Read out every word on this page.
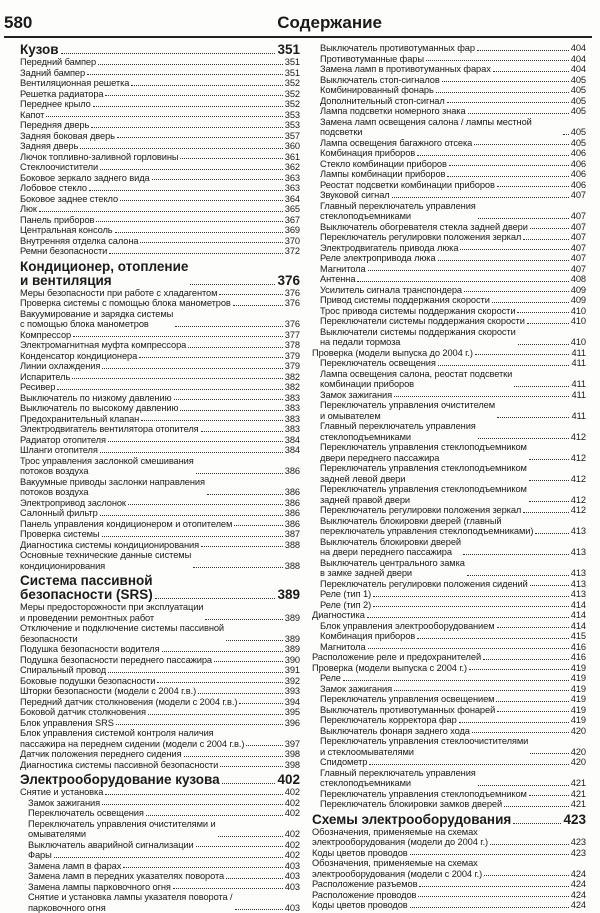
580	Содержание
Кузов	351
Передний бампер	351
Задний бампер	351
Вентиляционная решетка	352
Решетка радиатора	352
Переднее крыло	352
Капот	353
Передняя дверь	353
Задняя боковая дверь	357
Задняя дверь	360
Лючок топливно-заливной горловины	361
Стеклоочистители	362
Боковое зеркало заднего вида	363
Лобовое стекло	363
Боковое заднее стекло	364
Люк	365
Панель приборов	367
Центральная консоль	369
Внутренняя отделка салона	370
Ремни безопасности	372
Кондиционер, отопление
и вентиляция	376
Меры безопасности при работе с хладагентом	376
Проверка системы с помощью блока манометров	376
Вакуумирование и зарядка системы
с помощью блока манометров	376
Компрессор	377
Электромагнитная муфта компрессора	378
Конденсатор кондиционера	379
Линии охлаждения	379
Испаритель	382
Ресивер	382
Выключатель по низкому давлению	383
Выключатель по высокому давлению	383
Предохранительный клапан	383
Электродвигатель вентилятора отопителя	383
Радиатор отопителя	384
Шланги отопителя	384
Трос управления заслонкой смешивания
потоков воздуха	386
Вакуумные приводы заслонки направления
потоков воздуха	386
Электропривод заслонок	386
Салонный фильтр	386
Панель управления кондиционером и отопителем	386
Проверка системы	387
Диагностика системы кондиционирования	388
Основные технические данные системы
кондиционирования	388
Система пассивной
безопасности (SRS)	389
Меры предосторожности при эксплуатации
и проведении ремонтных работ	389
Отключение и подключение системы пассивной
безопасности	389
Подушка безопасности водителя	389
Подушка безопасности переднего пассажира	390
Спиральный провод	391
Боковые подушки безопасности	392
Шторки безопасности (модели с 2004 г.в.)	393
Передний датчик столкновения (модели с 2004 г.в.)	394
Боковой датчик столкновения	395
Блок управления SRS	396
Блок управления системой контроля наличия
пассажира на переднем сидении (модели с 2004 г.в.)	397
Датчик положения переднего сидения	398
Диагностика системы пассивной безопасности	398
Электрооборудование кузова	402
Снятие и установка	402
Замок зажигания	402
Переключатель освещения	402
Переключатель управления очистителями и
омывателями	402
Выключатель аварийной сигнализации	402
Фары	402
Замена ламп в фарах	403
Замена ламп в передних указателях поворота	403
Замена лампы парковочного огня	403
Снятие и установка лампы указателя поворота /
парковочного огня	403
Выключатель противотуманных фар	404
Противотуманные фары	404
Замена ламп в противотуманных фарах	404
Выключатель стоп-сигналов	405
Комбинированный фонарь	405
Дополнительный стоп-сигнал	405
Лампа подсветки номерного знака	405
Замена ламп освещения салона / лампы местной подсветки	405
Лампа освещения багажного отсека	405
Комбинация приборов	406
Стекло комбинации приборов	406
Лампы комбинации приборов	406
Реостат подсветки комбинации приборов	406
Звуковой сигнал	407
Главный переключатель управления
стеклоподъемниками	407
Выключатель обогревателя стекла задней двери	407
Переключатель регулировки положения зеркал	407
Электродвигатель привода люка	407
Реле электропривода люка	407
Магнитола	407
Антенна	408
Усилитель сигнала транспондера	409
Привод системы поддержания скорости	409
Трос привода системы поддержания скорости	410
Переключатели системы поддержания скорости	410
Выключатели системы поддержания скорости
на педали тормоза	410
Проверка (модели выпуска до 2004 г.)	411
Переключатель освещения	411
Лампа освещения салона, реостат подсветки
комбинации приборов	411
Замок зажигания	411
Переключатель управления очистителем
и омывателем	411
Главный переключатель управления
стеклоподъемниками	412
Переключатель управления стеклоподъемником
двери переднего пассажира	412
Переключатель управления стеклоподъемником
задней левой двери	412
Переключатель управления стеклоподъемником
задней правой двери	412
Переключатель регулировки положения зеркал	412
Выключатель блокировки дверей (главный
переключатель управления стеклоподъемниками)	413
Выключатель блокировки дверей
на двери переднего пассажира	413
Выключатель центрального замка
в замке задней двери	413
Переключатель регулировки положения сидений	413
Реле (тип 1)	413
Реле (тип 2)	414
Диагностика	414
Блок управления электрооборудованием	414
Комбинация приборов	415
Магнитола	416
Расположение реле и предохранителей	416
Проверка (модели выпуска с 2004 г.)	419
Реле	419
Замок зажигания	419
Переключатель управления освещением	419
Выключатель противотуманных фонарей	419
Переключатель корректора фар	419
Выключатель фонаря заднего хода	420
Переключатель управления стеклоочистителями
и стеклоомывателями	420
Спидометр	420
Главный переключатель управления
стеклоподъемниками	421
Переключатель управления стеклоподъемником	421
Переключатель блокировки замков дверей	421
Схемы электрооборудования	423
Обозначения, применяемые на схемах
электрооборудования (модели до 2004 г.)	423
Коды цветов проводов	423
Обозначения, применяемые на схемах
электрооборудования (модели с 2004 г.)	424
Расположение разъемов	424
Расположение проводов	424
Коды цветов проводов	424
